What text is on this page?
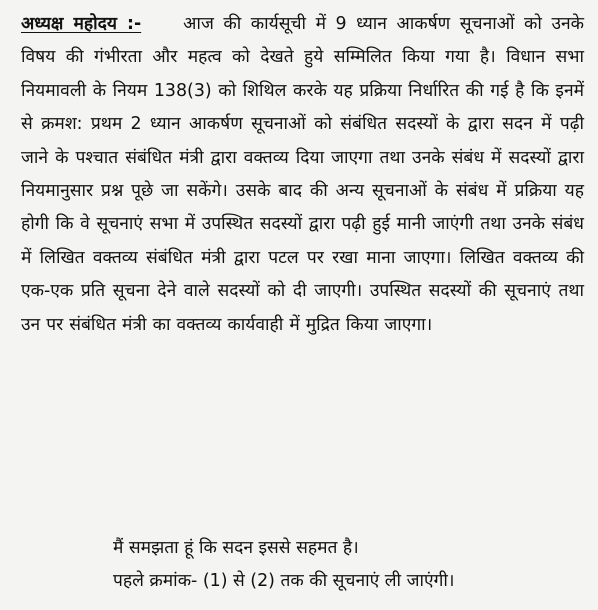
अध्यक्ष महोदय :- आज की कार्यसूची में 9 ध्यान आकर्षण सूचनाओं को उनके विषय की गंभीरता और महत्व को देखते हुये सम्मिलित किया गया है। विधान सभा नियमावली के नियम 138(3) को शिथिल करके यह प्रक्रिया निर्धारित की गई है कि इनमें से क्रमश: प्रथम 2 ध्यान आकर्षण सूचनाओं को संबंधित सदस्यों के द्वारा सदन में पढ़ी जाने के पश्चात संबंधित मंत्री द्वारा वक्तव्य दिया जाएगा तथा उनके संबंध में सदस्यों द्वारा नियमानुसार प्रश्न पूछे जा सकेंगे। उसके बाद की अन्य सूचनाओं के संबंध में प्रक्रिया यह होगी कि वे सूचनाएं सभा में उपस्थित सदस्यों द्वारा पढ़ी हुई मानी जाएंगी तथा उनके संबंध में लिखित वक्तव्य संबंधित मंत्री द्वारा पटल पर रखा माना जाएगा। लिखित वक्तव्य की एक-एक प्रति सूचना देने वाले सदस्यों को दी जाएगी। उपस्थित सदस्यों की सूचनाएं तथा उन पर संबंधित मंत्री का वक्तव्य कार्यवाही में मुद्रित किया जाएगा।

मैं समझता हूं कि सदन इससे सहमत है।
पहले क्रमांक- (1) से (2) तक की सूचनाएं ली जाएंगी।
